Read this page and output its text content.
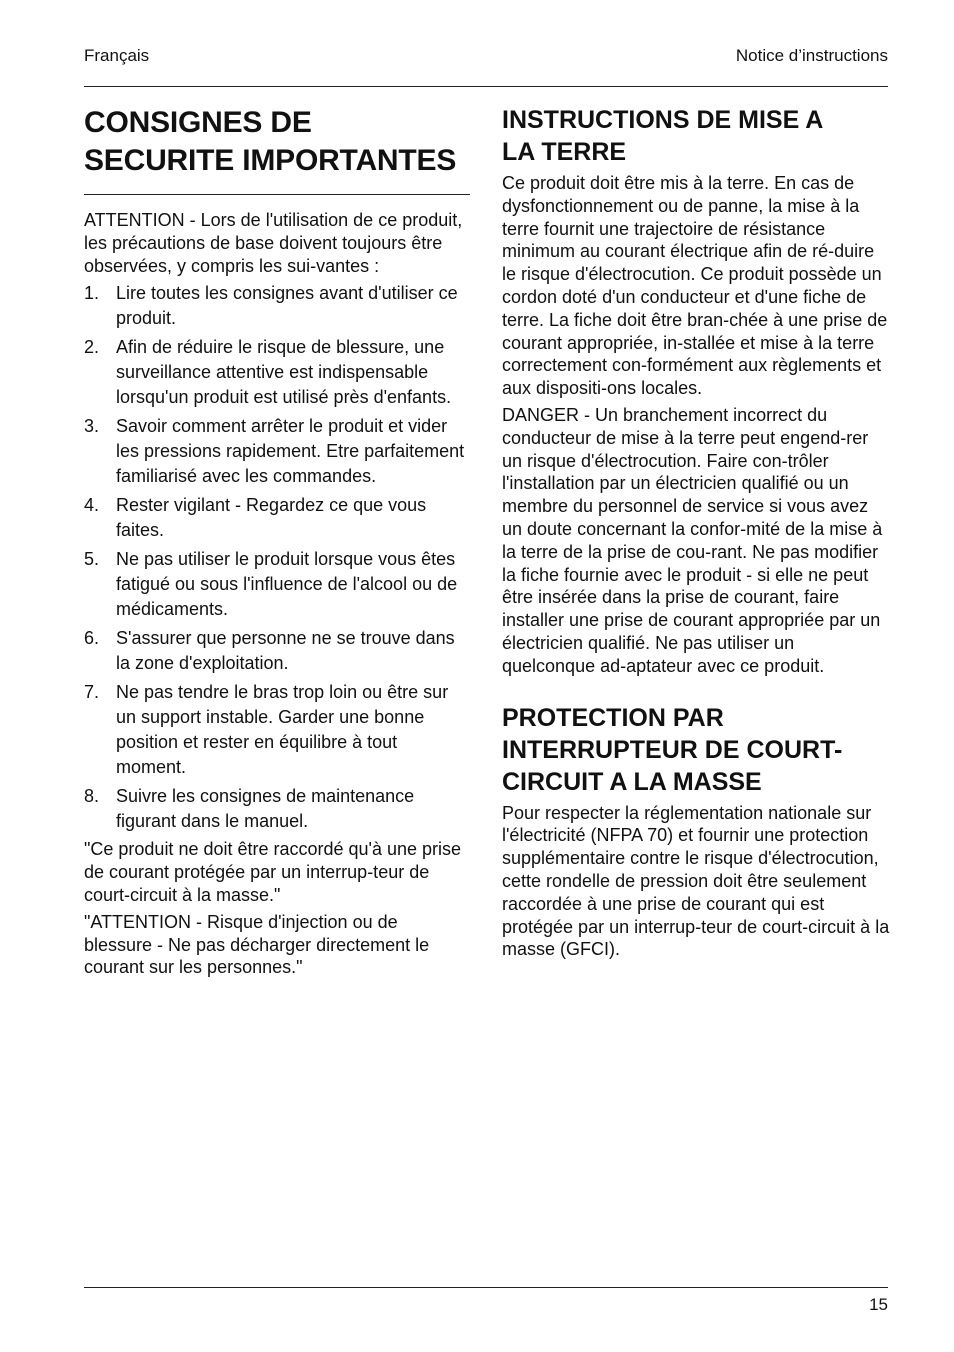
Français	Notice d’instructions
CONSIGNES DE
SECURITE IMPORTANTES

ATTENTION - Lors de l'utilisation de ce produit, les précautions de base doivent toujours être observées, y compris les sui-vantes :

1. Lire toutes les consignes avant d'utiliser ce produit.
2. Afin de réduire le risque de blessure, une surveillance attentive est indispensable lorsqu'un produit est utilisé près d'enfants.
3. Savoir comment arrêter le produit et vider les pressions rapidement. Etre parfaitement familiarisé avec les commandes.
4. Rester vigilant - Regardez ce que vous faites.
5. Ne pas utiliser le produit lorsque vous êtes fatigué ou sous l'influence de l'alcool ou de médicaments.
6. S'assurer que personne ne se trouve dans la zone d'exploitation.
7. Ne pas tendre le bras trop loin ou être sur un support instable. Garder une bonne position et rester en équilibre à tout moment.
8. Suivre les consignes de maintenance figurant dans le manuel.

"Ce produit ne doit être raccordé qu'à une prise de courant protégée par un interrup-teur de court-circuit à la masse."

"ATTENTION - Risque d'injection ou de blessure - Ne pas décharger directement le courant sur les personnes."

INSTRUCTIONS DE MISE A
LA TERRE

Ce produit doit être mis à la terre. En cas de dysfonctionnement ou de panne, la mise à la terre fournit une trajectoire de résistance minimum au courant électrique afin de ré-duire le risque d'électrocution. Ce produit possède un cordon doté d'un conducteur et d'une fiche de terre. La fiche doit être bran-chée à une prise de courant appropriée, in-stallée et mise à la terre correctement con-formément aux règlements et aux dispositi-ons locales.

DANGER - Un branchement incorrect du conducteur de mise à la terre peut engend-rer un risque d'électrocution. Faire con-trôler l'installation par un électricien qualifié ou un membre du personnel de service si vous avez un doute concernant la confor-mité de la mise à la terre de la prise de cou-rant. Ne pas modifier la fiche fournie avec le produit - si elle ne peut être insérée dans la prise de courant, faire installer une prise de courant appropriée par un électricien qualifié. Ne pas utiliser un quelconque ad-aptateur avec ce produit.

PROTECTION PAR
INTERRUPTEUR DE COURT-
CIRCUIT A LA MASSE

Pour respecter la réglementation nationale sur l'électricité (NFPA 70) et fournir une protection supplémentaire contre le risque d'électrocution, cette rondelle de pression doit être seulement raccordée à une prise de courant qui est protégée par un interrup-teur de court-circuit à la masse (GFCI).

15
